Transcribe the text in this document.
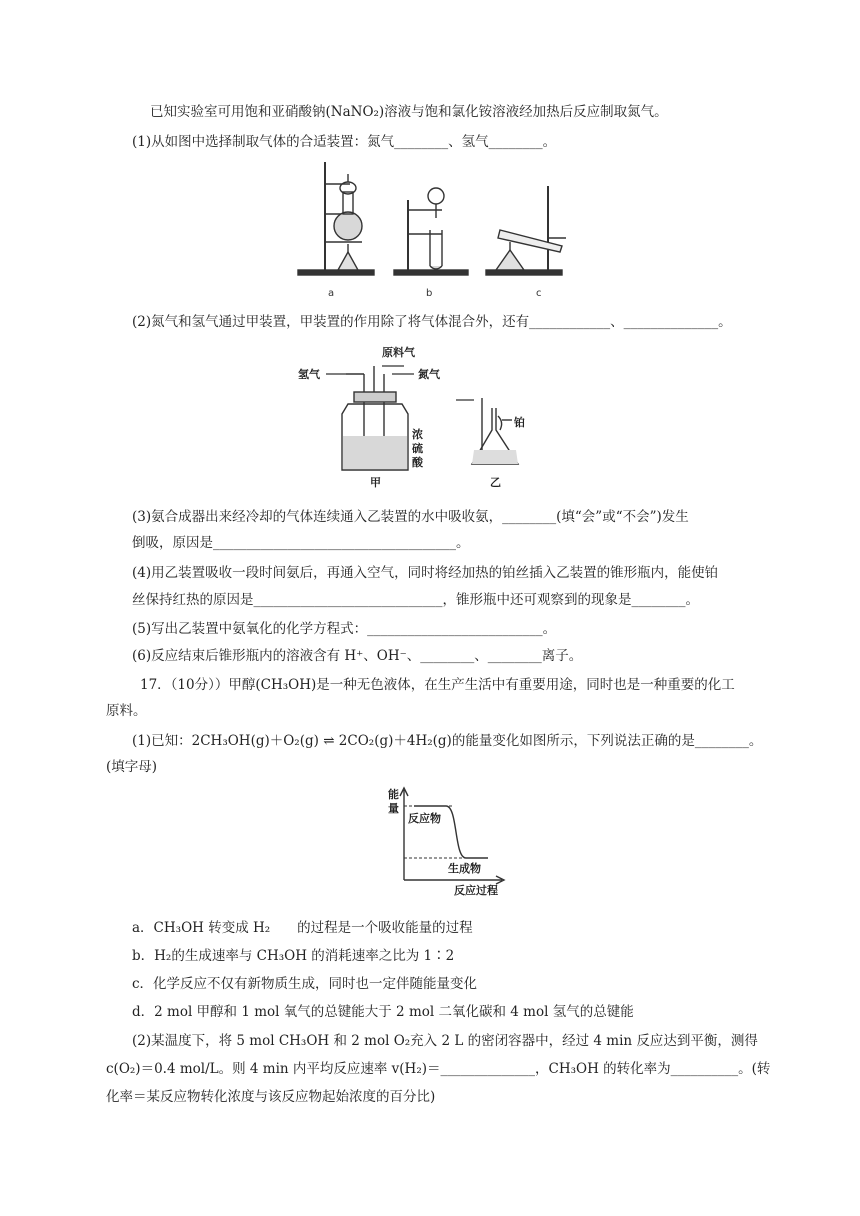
已知实验室可用饱和亚硝酸钠(NaNO₂)溶液与饱和氯化铵溶液经加热后反应制取氮气。
(1)从如图中选择制取气体的合适装置：氮气________、氢气________。
a	b	c
(2)氮气和氢气通过甲装置，甲装置的作用除了将气体混合外，还有____________、______________。
原料气
氢气	氮气
浓
硫
酸
甲
铂
乙
(3)氨合成器出来经冷却的气体连续通入乙装置的水中吸收氨，________(填“会”或“不会”)发生
倒吸，原因是____________________________________。
(4)用乙装置吸收一段时间氨后，再通入空气，同时将经加热的铂丝插入乙装置的锥形瓶内，能使铂
丝保持红热的原因是____________________________，锥形瓶中还可观察到的现象是________。
(5)写出乙装置中氨氧化的化学方程式：__________________________。
(6)反应结束后锥形瓶内的溶液含有 H⁺、OH⁻、________、________离子。
17．（10分））甲醇(CH₃OH)是一种无色液体，在生产生活中有重要用途，同时也是一种重要的化工
原料。
(1)已知：2CH₃OH(g)＋O₂(g) ⇌ 2CO₂(g)＋4H₂(g)的能量变化如图所示，下列说法正确的是________。
(填字母)
能
量
反应物
生成物
反应过程
a．CH₃OH 转变成 H₂　　的过程是一个吸收能量的过程
b．H₂的生成速率与 CH₃OH 的消耗速率之比为 1∶2
c．化学反应不仅有新物质生成，同时也一定伴随能量变化
d．2 mol 甲醇和 1 mol 氧气的总键能大于 2 mol 二氧化碳和 4 mol 氢气的总键能
(2)某温度下，将 5 mol CH₃OH 和 2 mol O₂充入 2 L 的密闭容器中，经过 4 min 反应达到平衡，测得
c(O₂)＝0.4 mol/L。则 4 min 内平均反应速率 v(H₂)＝______________，CH₃OH 的转化率为__________。(转
化率＝某反应物转化浓度与该反应物起始浓度的百分比)
